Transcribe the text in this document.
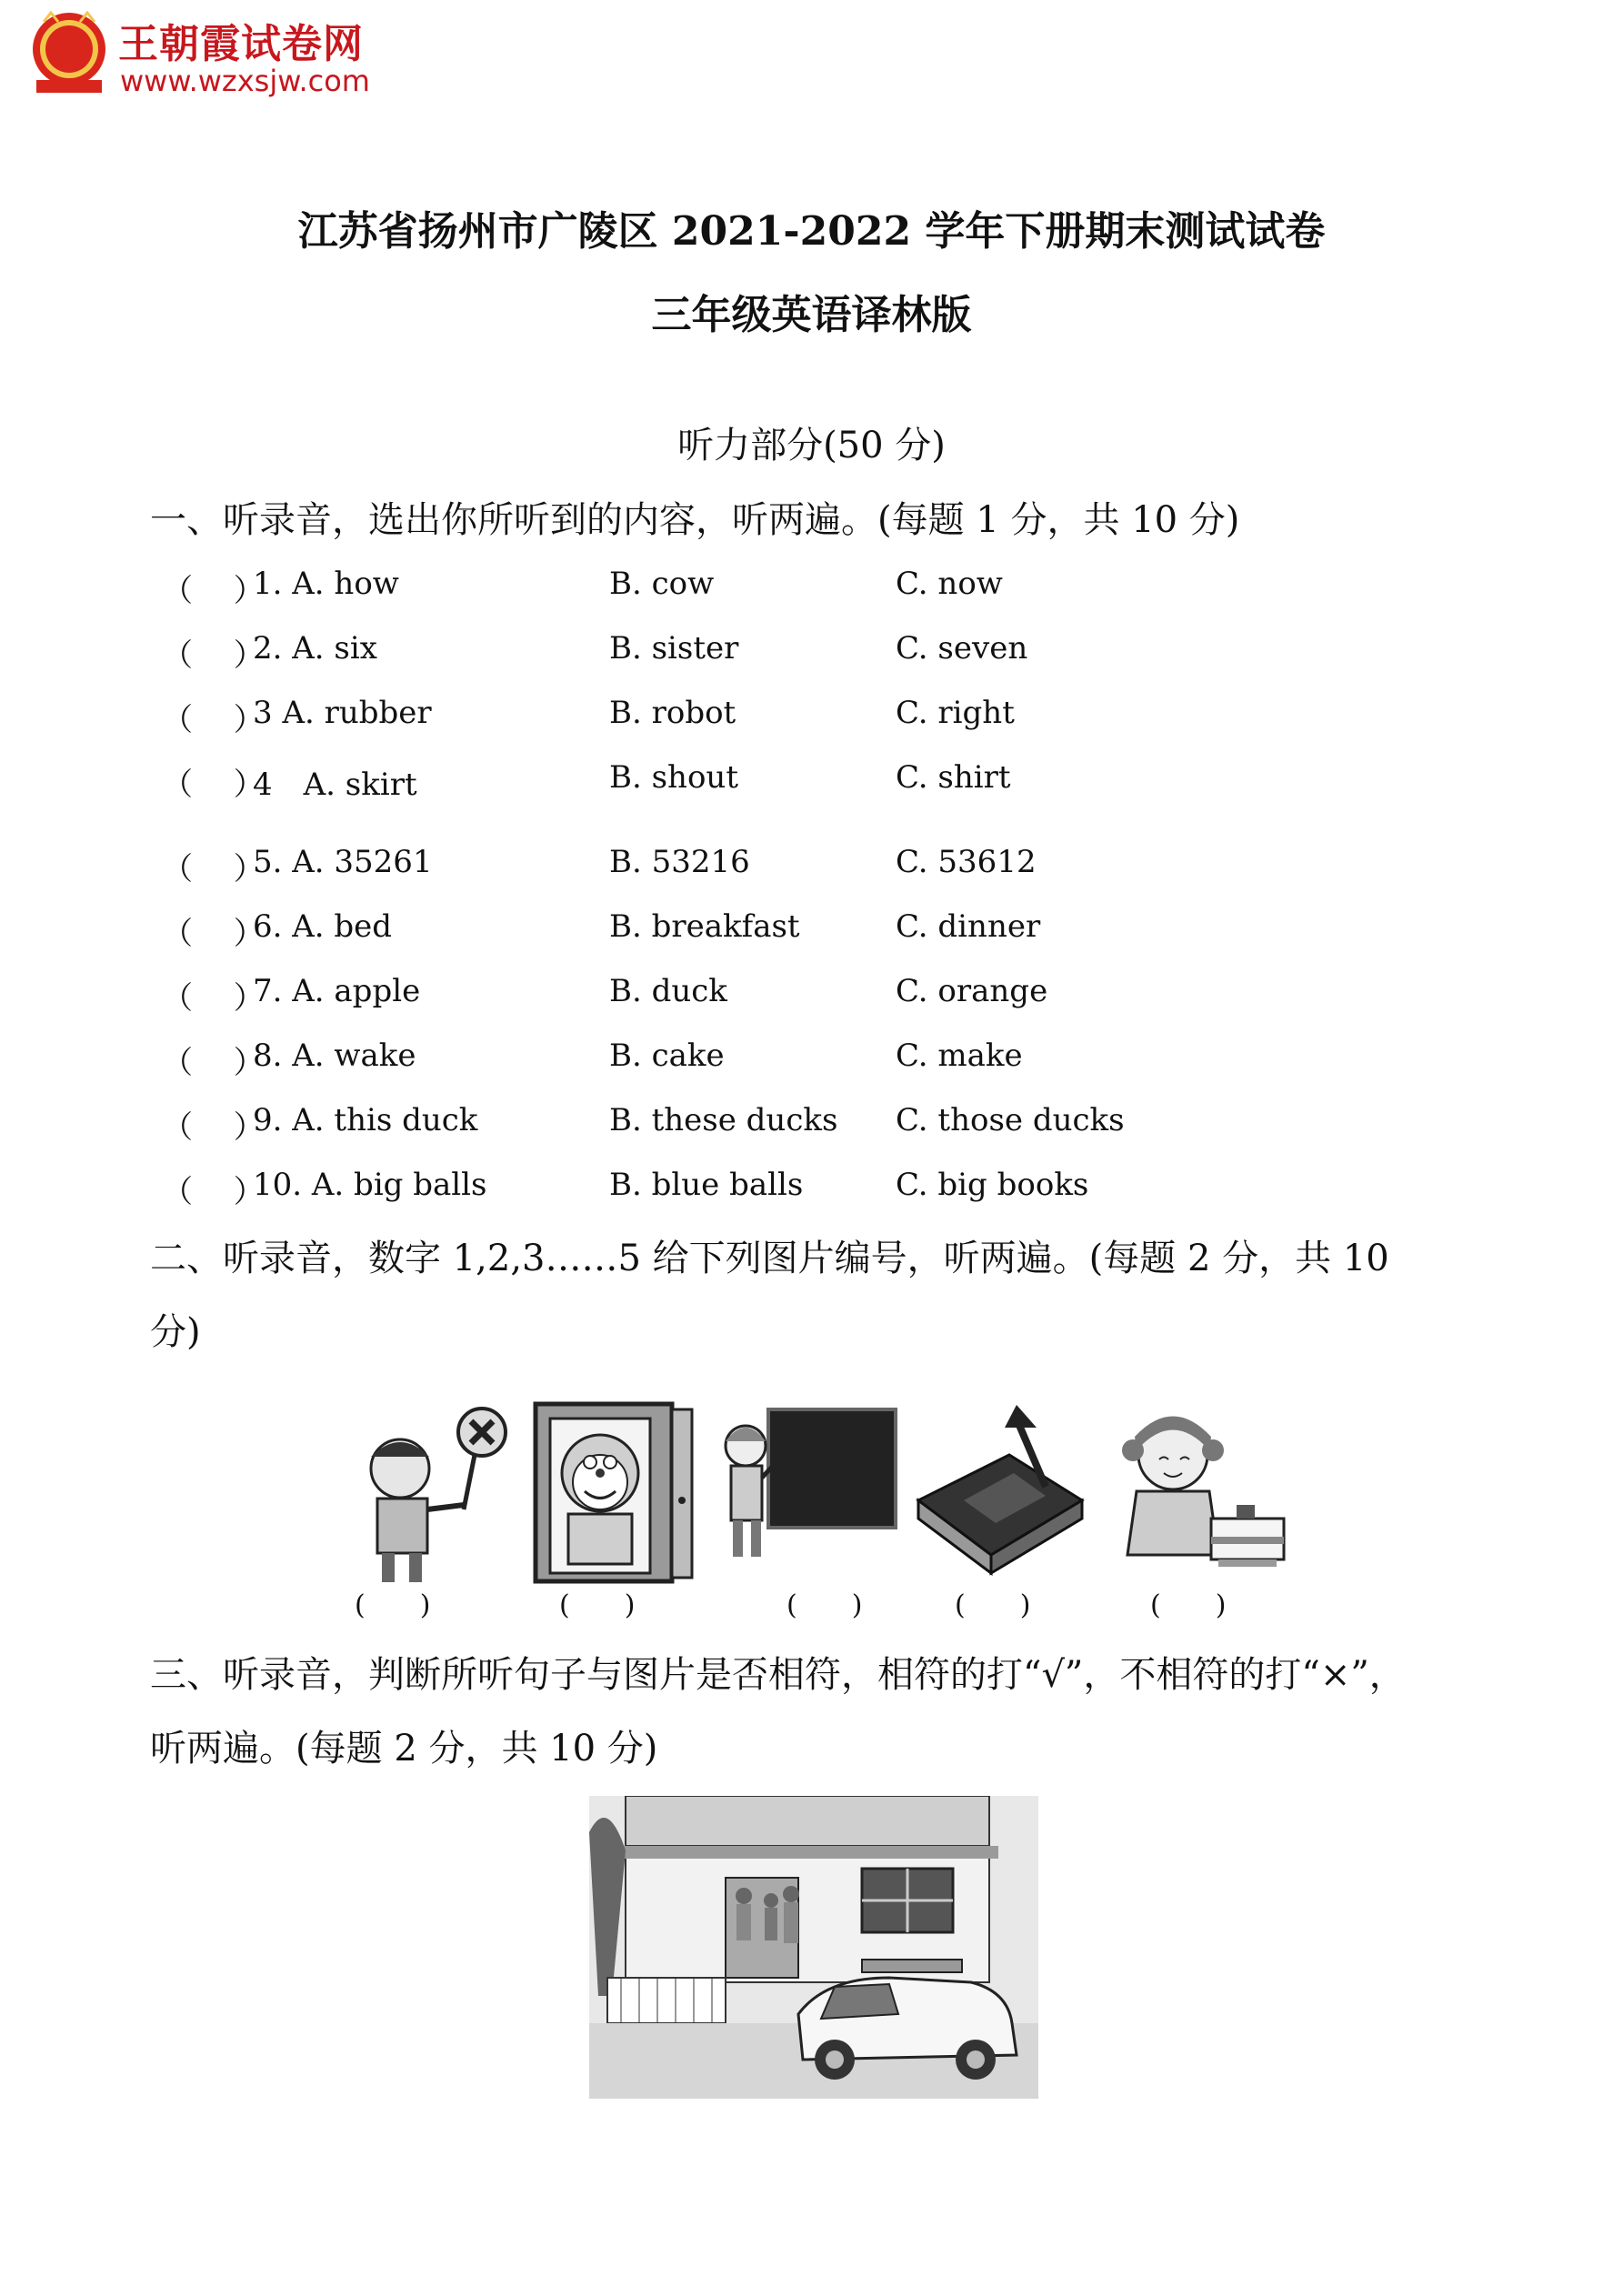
王朝霞试卷网
www.wzxsjw.com
江苏省扬州市广陵区 2021-2022 学年下册期末测试试卷
三年级英语译林版
听力部分(50 分)
一、听录音，选出你所听到的内容，听两遍。(每题 1 分，共 10 分)
（　 ）
1. A. how	B. cow	C. now
（　 ）
2. A. six	B. sister	C. seven
（　 ）
3 A. rubber	B. robot	C. right
（　 ）
4　A. skirt	B. shout	C. shirt
（　 ）
5. A. 35261	B. 53216	C. 53612
（　 ）
6. A. bed	B. breakfast	C. dinner
（　 ）
7. A. apple	B. duck	C. orange
（　 ）
8. A. wake	B. cake	C. make
（　 ）
9. A. this duck	B. these ducks C. those ducks
（　 ）
10. A. big balls	B. blue balls	C. big books
二、听录音，数字 1,2,3……5 给下列图片编号，听两遍。(每题 2 分，共 10
分)
(　　)	(　　)	(　　)	(　　)	(　　)
三、听录音，判断所听句子与图片是否相符，相符的打“√”，不相符的打“×”，
听两遍。(每题 2 分，共 10 分)
